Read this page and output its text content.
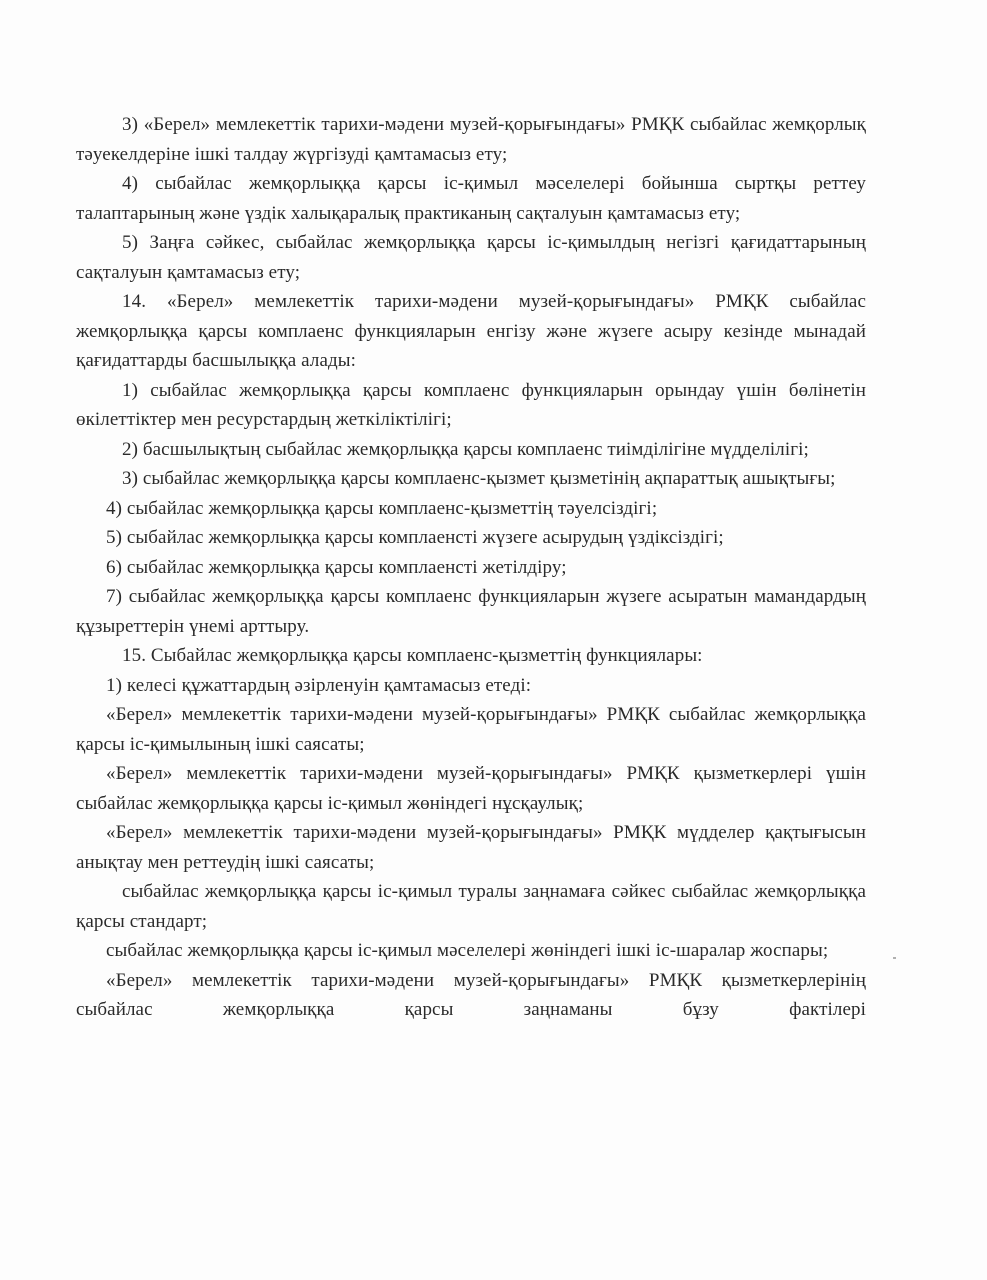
3) «Берел» мемлекеттік тарихи-мәдени музей-қорығындағы» РМҚК сыбайлас жемқорлық тәуекелдеріне ішкі талдау жүргізуді қамтамасыз ету;

4) сыбайлас жемқорлыққа қарсы іс-қимыл мәселелері бойынша сыртқы реттеу талаптарының және үздік халықаралық практиканың сақталуын қамтамасыз ету;

5) Заңға сәйкес, сыбайлас жемқорлыққа қарсы іс-қимылдың негізгі қағидаттарының сақталуын қамтамасыз ету;

14. «Берел» мемлекеттік тарихи-мәдени музей-қорығындағы» РМҚК сыбайлас жемқорлыққа қарсы комплаенс функцияларын енгізу және жүзеге асыру кезінде мынадай қағидаттарды басшылыққа алады:

1) сыбайлас жемқорлыққа қарсы комплаенс функцияларын орындау үшін бөлінетін өкілеттіктер мен ресурстардың жеткіліктілігі;

2) басшылықтың сыбайлас жемқорлыққа қарсы комплаенс тиімділігіне мүдделілігі;

3) сыбайлас жемқорлыққа қарсы комплаенс-қызмет қызметінің ақпараттық ашықтығы;

4) сыбайлас жемқорлыққа қарсы комплаенс-қызметтің тәуелсіздігі;

5) сыбайлас жемқорлыққа қарсы комплаенсті жүзеге асырудың үздіксіздігі;

6) сыбайлас жемқорлыққа қарсы комплаенсті жетілдіру;

7) сыбайлас жемқорлыққа қарсы комплаенс функцияларын жүзеге асыратын мамандардың құзыреттерін үнемі арттыру.

15. Сыбайлас жемқорлыққа қарсы комплаенс-қызметтің функциялары:

1) келесі құжаттардың әзірленуін қамтамасыз етеді:

«Берел» мемлекеттік тарихи-мәдени музей-қорығындағы» РМҚК сыбайлас жемқорлыққа қарсы іс-қимылының ішкі саясаты;

«Берел» мемлекеттік тарихи-мәдени музей-қорығындағы» РМҚК қызметкерлері үшін сыбайлас жемқорлыққа қарсы іс-қимыл жөніндегі нұсқаулық;

«Берел» мемлекеттік тарихи-мәдени музей-қорығындағы» РМҚК мүдделер қақтығысын анықтау мен реттеудің ішкі саясаты;

сыбайлас жемқорлыққа қарсы іс-қимыл туралы заңнамаға сәйкес сыбайлас жемқорлыққа қарсы стандарт;

сыбайлас жемқорлыққа қарсы іс-қимыл мәселелері жөніндегі ішкі іс-шаралар жоспары;

«Берел» мемлекеттік тарихи-мәдени музей-қорығындағы» РМҚК қызметкерлерінің сыбайлас жемқорлыққа қарсы заңнаманы бұзу фактілері
